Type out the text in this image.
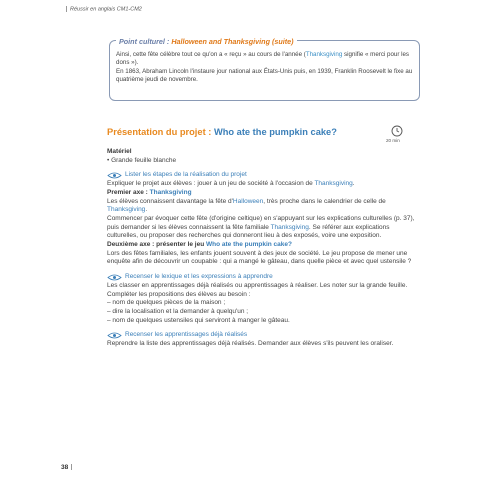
Réussir en anglais CM1-CM2
Point culturel : Halloween and Thanksgiving (suite)
Ainsi, cette fête célèbre tout ce qu'on a « reçu » au cours de l'année (Thanksgiving signifie « merci pour les dons »).
En 1863, Abraham Lincoln l'instaure jour national aux États-Unis puis, en 1939, Franklin Roosevelt le fixe au quatrième jeudi de novembre.
Présentation du projet : Who ate the pumpkin cake?
20 min

Matériel

• Grande feuille blanche

Lister les étapes de la réalisation du projet

Expliquer le projet aux élèves : jouer à un jeu de société à l'occasion de Thanksgiving.

Premier axe : Thanksgiving

Les élèves connaissent davantage la fête d'Halloween, très proche dans le calendrier de celle de Thanksgiving.

Commencer par évoquer cette fête (d'origine celtique) en s'appuyant sur les explications culturelles (p. 37), puis demander si les élèves connaissent la fête familiale Thanksgiving. Se référer aux explications culturelles, ou proposer des recherches qui donneront lieu à des exposés, voire une exposition.

Deuxième axe : présenter le jeu Who ate the pumpkin cake?

Lors des fêtes familiales, les enfants jouent souvent à des jeux de société. Le jeu propose de mener une enquête afin de découvrir un coupable : qui a mangé le gâteau, dans quelle pièce et avec quel ustensile ?

Recenser le lexique et les expressions à apprendre

Les classer en apprentissages déjà réalisés ou apprentissages à réaliser. Les noter sur la grande feuille. Compléter les propositions des élèves au besoin :

– nom de quelques pièces de la maison ;

– dire la localisation et la demander à quelqu'un ;

– nom de quelques ustensiles qui serviront à manger le gâteau.

Recenser les apprentissages déjà réalisés

Reprendre la liste des apprentissages déjà réalisés. Demander aux élèves s'ils peuvent les oraliser.

38
